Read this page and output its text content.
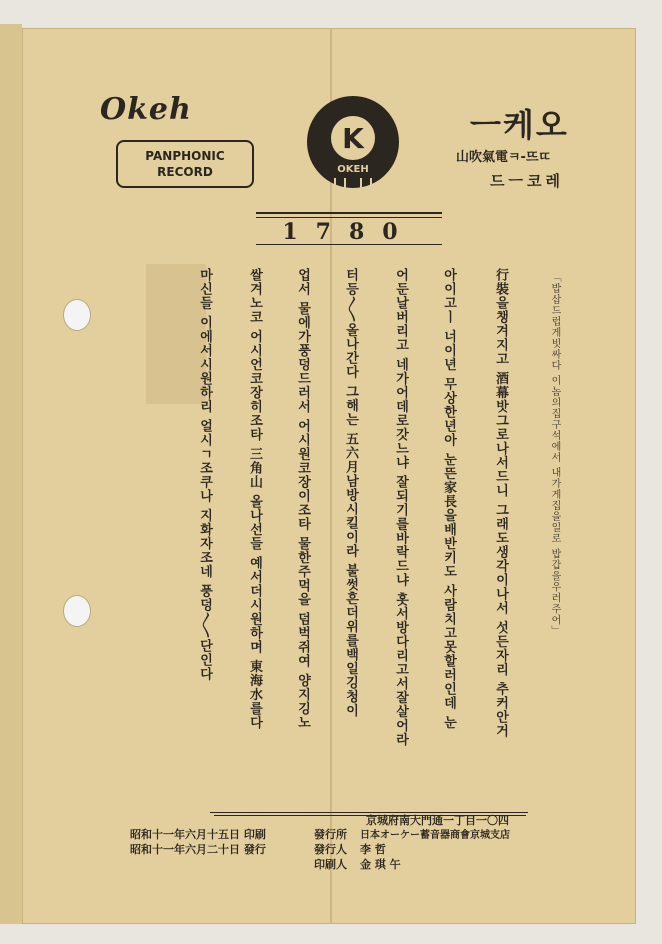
Okeh
PANPHONIC
RECORD
K
OKEH
ㅡ케오
山吹氣電ㅋ-뜨ㄸ
드ㅡ코레
1780
「밥삽드럽게빗싸다 이놈의집구석에서 내가게집을일로 밥갑을우러주어」
行裝을챙겨지고 酒幕밧그로나서드니 그래도생각이나서 섯든자리 추커안거
아이고ㅣ 너이년 무상한년아 눈뜬家長을배반키도 사람치고못할러인데 눈
어둔날버리고 네가어데로갓느냐 잘되기를바락드냐 홋서방다리고서잘살어라
터등〳〵올나간다 그해는 五六月남방시킬이라 불썻흔더위를백일깅청이
업서 물에가풍덩드러서 어시원코장이조타 물한주먹을 덤벅쥐여 양지깅노
쌀겨노코 어시언코장히조타 三角山 올나선들 예서더시원하며 東海水를다
마신들 이에서시원하리 얼시ㄱ조쿠나 지화자조네 풍덩〳〵단인다
京城府南大門通一丁目一〇四
昭和十一年六月十五日 印刷
昭和十一年六月二十日 發行
發行所 日本オーケー蓄音器商會京城支店
發行人 李 哲
印刷人 金 琪 午
